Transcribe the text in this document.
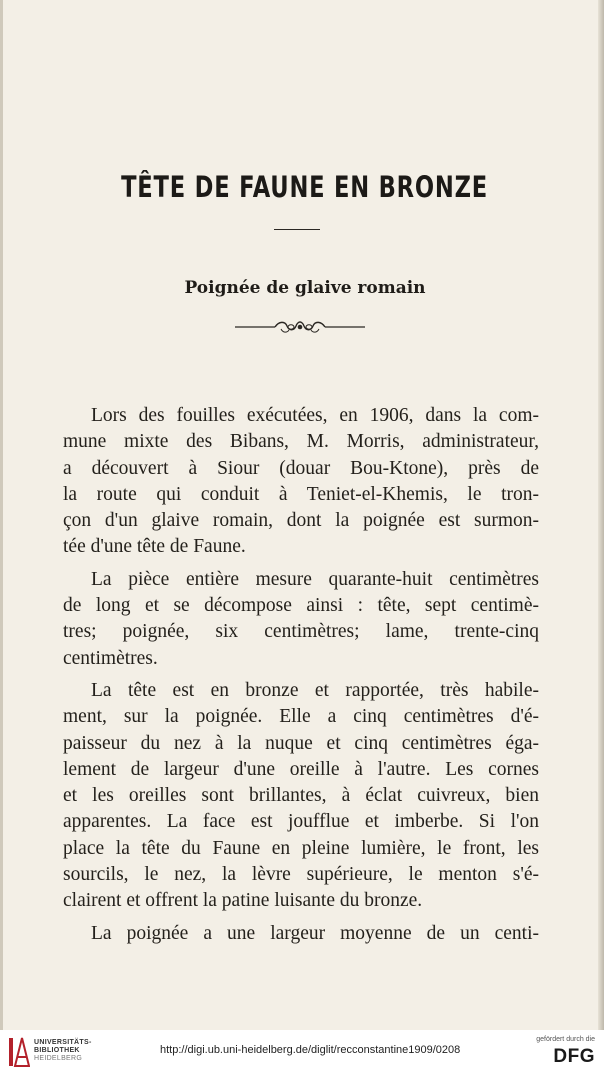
TÊTE DE FAUNE EN BRONZE
Poignée de glaive romain

Lors des fouilles exécutées, en 1906, dans la com-
mune mixte des Bibans, M. Morris, administrateur,
a découvert à Siour (douar Bou-Ktone), près de
la route qui conduit à Teniet-el-Khemis, le tron-
çon d'un glaive romain, dont la poignée est surmon-
tée d'une tête de Faune.

La pièce entière mesure quarante-huit centimètres
de long et se décompose ainsi : tête, sept centimè-
tres; poignée, six centimètres; lame, trente-cinq
centimètres.

La tête est en bronze et rapportée, très habile-
ment, sur la poignée. Elle a cinq centimètres d'é-
paisseur du nez à la nuque et cinq centimètres éga-
lement de largeur d'une oreille à l'autre. Les cornes
et les oreilles sont brillantes, à éclat cuivreux, bien
apparentes. La face est joufflue et imberbe. Si l'on
place la tête du Faune en pleine lumière, le front, les
sourcils, le nez, la lèvre supérieure, le menton s'é-
clairent et offrent la patine luisante du bronze.

La poignée a une largeur moyenne de un centi-

UNIVERSITÄTS-
BIBLIOTHEK
HEIDELBERG
http://digi.ub.uni-heidelberg.de/diglit/recconstantine1909/0208
gefördert durch die
DFG
